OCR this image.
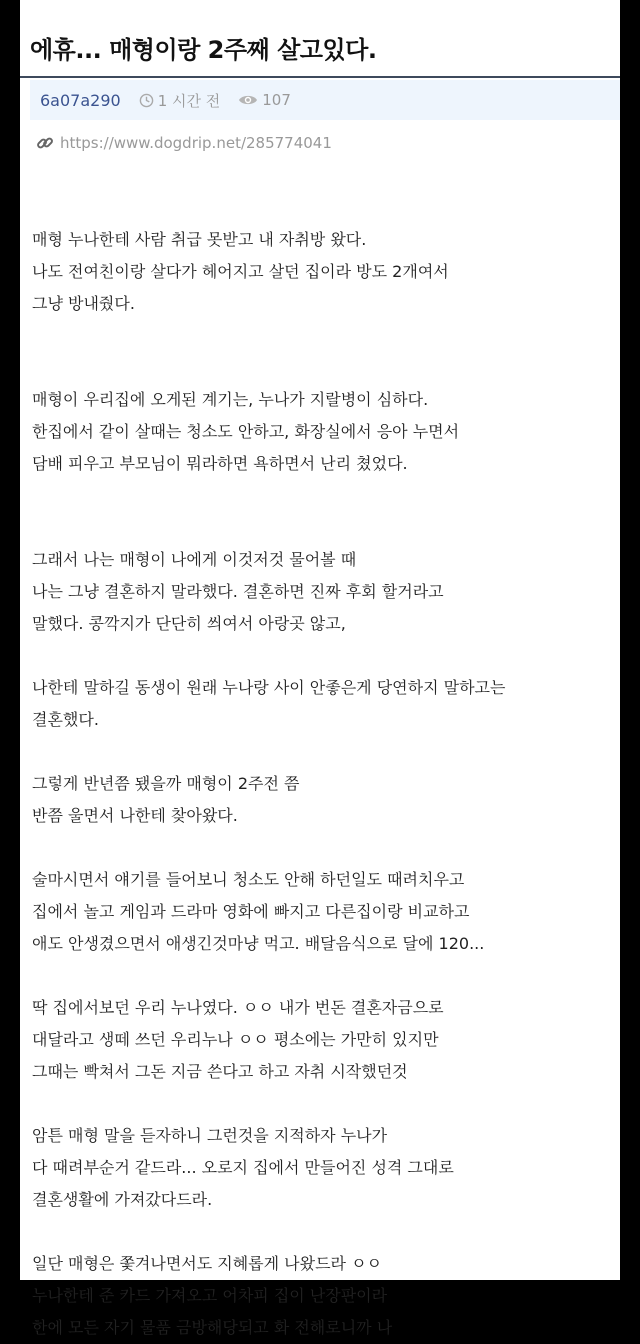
에휴... 매형이랑 2주째 살고있다.
6a07a290 1 시간 전	107
https://www.dogdrip.net/285774041

매형 누나한테 사람 취급 못받고 내 자취방 왔다.
나도 전여친이랑 살다가 헤어지고 살던 집이라 방도 2개여서
그냥 방내줬다.

매형이 우리집에 오게된 계기는, 누나가 지랄병이 심하다.
한집에서 같이 살때는 청소도 안하고, 화장실에서 응아 누면서
담배 피우고 부모님이 뭐라하면 욕하면서 난리 쳤었다.

그래서 나는 매형이 나에게 이것저것 물어볼 때
나는 그냥 결혼하지 말라했다. 결혼하면 진짜 후회 할거라고
말했다. 콩깍지가 단단히 씌여서 아랑곳 않고,

나한테 말하길 동생이 원래 누나랑 사이 안좋은게 당연하지 말하고는
결혼했다.

그렇게 반년쯤 됐을까 매형이 2주전 쯤
반쯤 울면서 나한테 찾아왔다.

술마시면서 얘기를 들어보니 청소도 안해 하던일도 때려치우고
집에서 놀고 게임과 드라마 영화에 빠지고 다른집이랑 비교하고
애도 안생겼으면서 애생긴것마냥 먹고. 배달음식으로 달에 120...

딱 집에서보던 우리 누나였다. ㅇㅇ 내가 번돈 결혼자금으로
대달라고 생떼 쓰던 우리누나 ㅇㅇ 평소에는 가만히 있지만
그때는 빡쳐서 그돈 지금 쓴다고 하고 자취 시작했던것

암튼 매형 말을 듣자하니 그런것을 지적하자 누나가
다 때려부순거 같드라... 오로지 집에서 만들어진 성격 그대로
결혼생활에 가져갔다드라.

일단 매형은 쫓겨나면서도 지혜롭게 나왔드라 ㅇㅇ
누나한테 준 카드 가져오고 어차피 집이 난장판이라
한에 모든 자기 물품 금방해당되고 화 전해로니까 나
